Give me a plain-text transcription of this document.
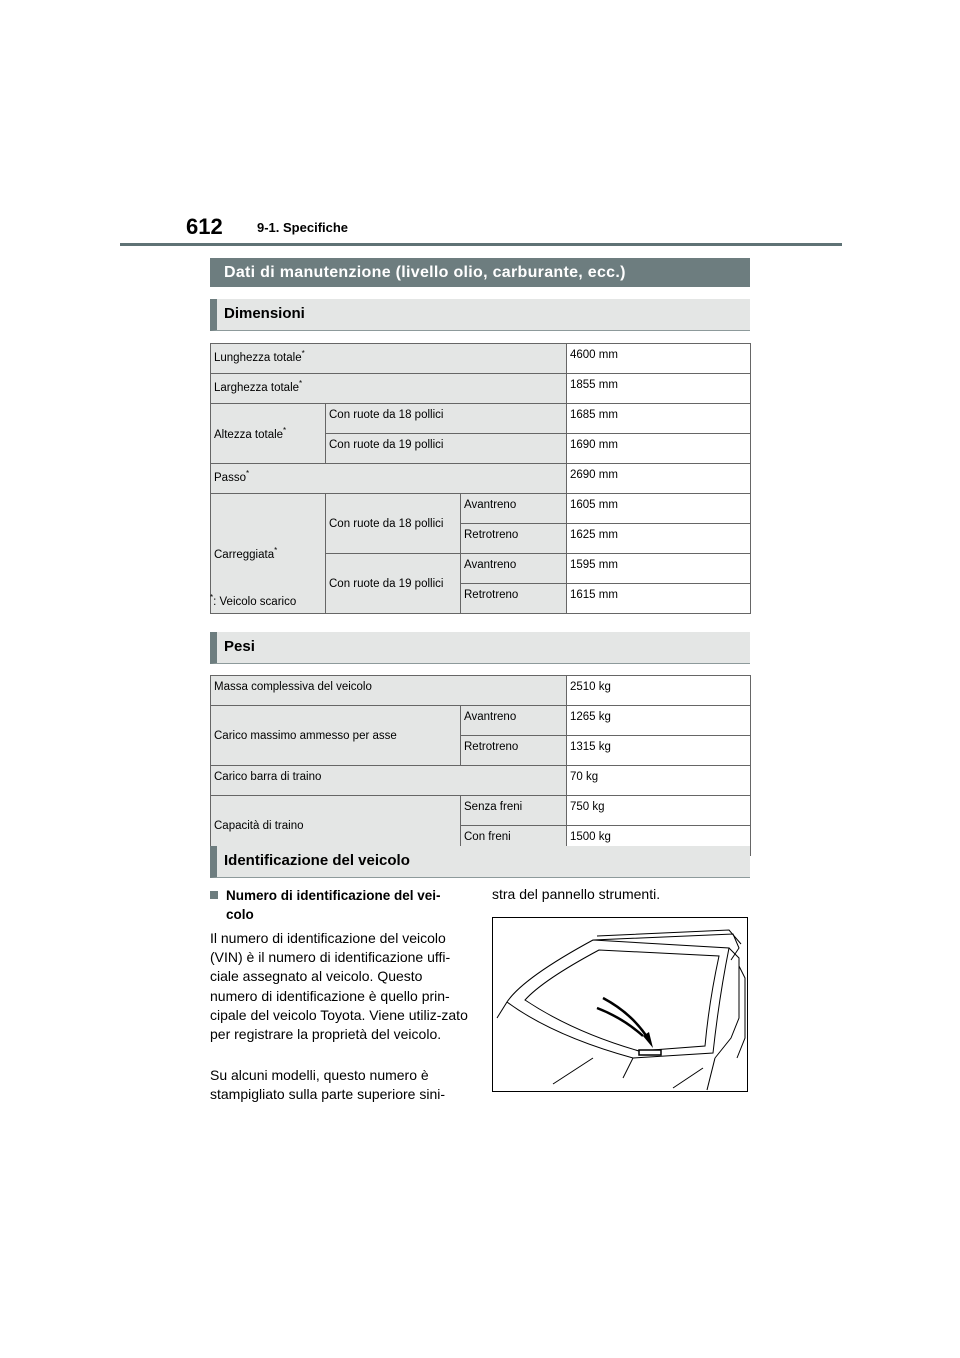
612	9-1. Specifiche
Dati di manutenzione (livello olio, carburante, ecc.)
Dimensioni
Lunghezza totale*			4600 mm
Larghezza totale*			1855 mm
Altezza totale*	Con ruote da 18 pollici		1685 mm
	Con ruote da 19 pollici		1690 mm
Passo*			2690 mm
Carreggiata*	Con ruote da 18 pollici	Avantreno	1605 mm
		Retrotreno	1625 mm
	Con ruote da 19 pollici	Avantreno	1595 mm
		Retrotreno	1615 mm
*: Veicolo scarico
Pesi
Massa complessiva del veicolo		2510 kg
Carico massimo ammesso per asse	Avantreno	1265 kg
	Retrotreno	1315 kg
Carico barra di traino		70 kg
Capacità di traino	Senza freni	750 kg
	Con freni	1500 kg
Identificazione del veicolo
Numero di identificazione del vei-
colo
Il numero di identificazione del veicolo (VIN) è il numero di identificazione uffi-ciale assegnato al veicolo. Questo numero di identificazione è quello prin-cipale del veicolo Toyota. Viene utiliz-zato per registrare la proprietà del veicolo.
Su alcuni modelli, questo numero è stampigliato sulla parte superiore sini-
stra del pannello strumenti.
